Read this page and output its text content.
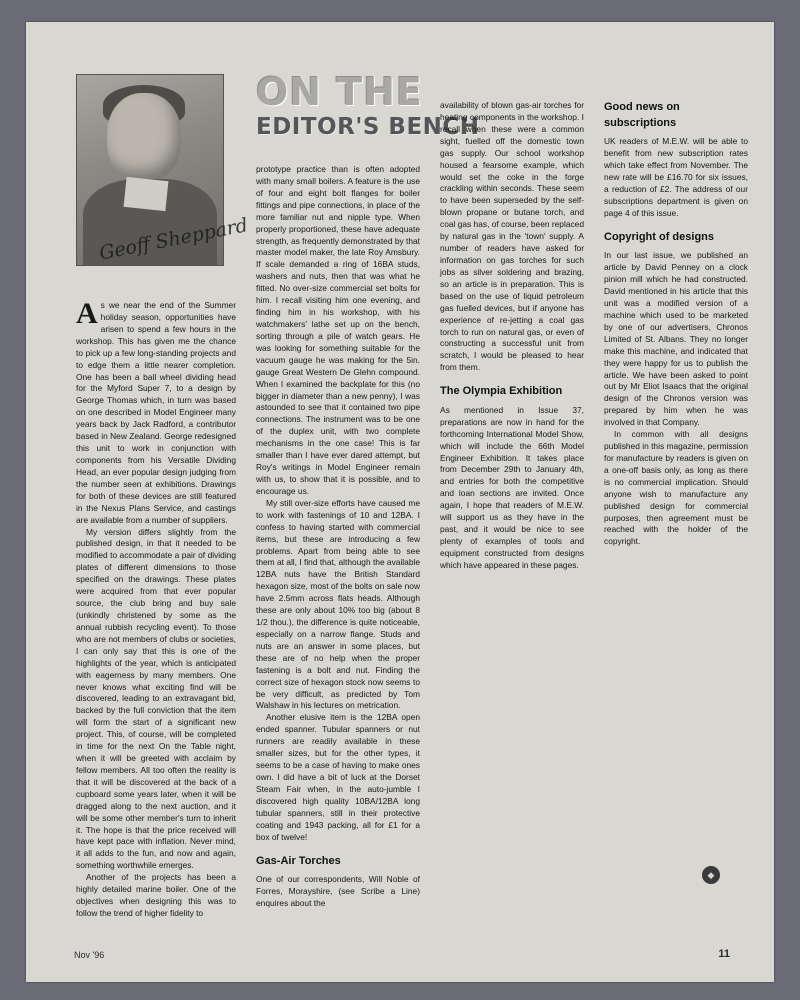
Geoff Sheppard
ON THE
EDITOR'S BENCH

As we near the end of the Summer holiday season, opportunities have arisen to spend a few hours in the workshop. This has given me the chance to pick up a few long-standing projects and to edge them a little nearer completion. One has been a ball wheel dividing head for the Myford Super 7, to a design by George Thomas which, in turn was based on one described in Model Engineer many years back by Jack Radford, a contributor based in New Zealand. George redesigned this unit to work in conjunction with components from his Versatile Dividing Head, an ever popular design judging from the number seen at exhibitions. Drawings for both of these devices are still featured in the Nexus Plans Service, and castings are available from a number of suppliers.

My version differs slightly from the published design, in that it needed to be modified to accommodate a pair of dividing plates of different dimensions to those specified on the drawings. These plates were acquired from that ever popular source, the club bring and buy sale (unkindly christened by some as the annual rubbish recycling event). To those who are not members of clubs or societies, I can only say that this is one of the highlights of the year, which is anticipated with eagerness by many members. One never knows what exciting find will be discovered, leading to an extravagant bid, backed by the full conviction that the item will form the start of a significant new project. This, of course, will be completed in time for the next On the Table night, when it will be greeted with acclaim by fellow members. All too often the reality is that it will be discovered at the back of a cupboard some years later, when it will be dragged along to the next auction, and it will be some other member's turn to inherit it. The hope is that the price received will have kept pace with inflation. Never mind, it all adds to the fun, and now and again, something worthwhile emerges.

Another of the projects has been a highly detailed marine boiler. One of the objectives when designing this was to follow the trend of higher fidelity to

prototype practice than is often adopted with many small boilers. A feature is the use of four and eight bolt flanges for boiler fittings and pipe connections, in place of the more familiar nut and nipple type. When properly proportioned, these have adequate strength, as frequently demonstrated by that master model maker, the late Roy Amsbury. If scale demanded a ring of 16BA studs, washers and nuts, then that was what he fitted. No over-size commercial set bolts for him. I recall visiting him one evening, and finding him in his workshop, with his watchmakers' lathe set up on the bench, sorting through a pile of watch gears. He was looking for something suitable for the vacuum gauge he was making for the 5in. gauge Great Western De Glehn compound. When I examined the backplate for this (no bigger in diameter than a new penny), I was astounded to see that it contained two pipe connections. The instrument was to be one of the duplex unit, with two complete mechanisms in the one case! This is far smaller than I have ever dared attempt, but Roy's writings in Model Engineer remain with us, to show that it is possible, and to encourage us.

My still over-size efforts have caused me to work with fastenings of 10 and 12BA. I confess to having started with commercial items, but these are introducing a few problems. Apart from being able to see them at all, I find that, although the available 12BA nuts have the British Standard hexagon size, most of the bolts on sale now have 2.5mm across flats heads. Although these are only about 10% too big (about 8 1/2 thou.), the difference is quite noticeable, especially on a narrow flange. Studs and nuts are an answer in some places, but these are of no help when the proper fastening is a bolt and nut. Finding the correct size of hexagon stock now seems to be very difficult, as predicted by Tom Walshaw in his lectures on metrication.

Another elusive item is the 12BA open ended spanner. Tubular spanners or nut runners are readily available in these smaller sizes, but for the other types, it seems to be a case of having to make ones own. I did have a bit of luck at the Dorset Steam Fair when, in the auto-jumble I discovered high quality 10BA/12BA long tubular spanners, still in their protective coating and 1943 packing, all for £1 for a box of twelve!

Gas-Air Torches

One of our correspondents, Will Noble of Forres, Morayshire, (see Scribe a Line) enquires about the

availability of blown gas-air torches for heating components in the workshop. I recall when these were a common sight, fuelled off the domestic town gas supply. Our school workshop housed a fearsome example, which would set the coke in the forge crackling within seconds. These seem to have been superseded by the self-blown propane or butane torch, and coal gas has, of course, been replaced by natural gas in the 'town' supply. A number of readers have asked for information on gas torches for such jobs as silver soldering and brazing, so an article is in preparation. This is based on the use of liquid petroleum gas fuelled devices, but if anyone has experience of re-jetting a coal gas torch to run on natural gas, or even of constructing a successful unit from scratch, I would be pleased to hear from them.

The Olympia Exhibition

As mentioned in Issue 37, preparations are now in hand for the forthcoming International Model Show, which will include the 66th Model Engineer Exhibition. It takes place from December 29th to January 4th, and entries for both the competitive and loan sections are invited. Once again, I hope that readers of M.E.W. will support us as they have in the past, and it would be nice to see plenty of examples of tools and equipment constructed from designs which have appeared in these pages.

Good news on subscriptions

UK readers of M.E.W. will be able to benefit from new subscription rates which take effect from November. The new rate will be £16.70 for six issues, a reduction of £2. The address of our subscriptions department is given on page 4 of this issue.

Copyright of designs

In our last issue, we published an article by David Penney on a clock pinion mill which he had constructed. David mentioned in his article that this unit was a modified version of a machine which used to be marketed by one of our advertisers, Chronos Limited of St. Albans. They no longer make this machine, and indicated that they were happy for us to publish the article. We have been asked to point out by Mr Eliot Isaacs that the original design of the Chronos version was prepared by him when he was involved in that Company.

In common with all designs published in this magazine, permission for manufacture by readers is given on a one-off basis only, as long as there is no commercial implication. Should anyone wish to manufacture any published design for commercial purposes, then agreement must be reached with the holder of the copyright.

◆
Nov '96	11
